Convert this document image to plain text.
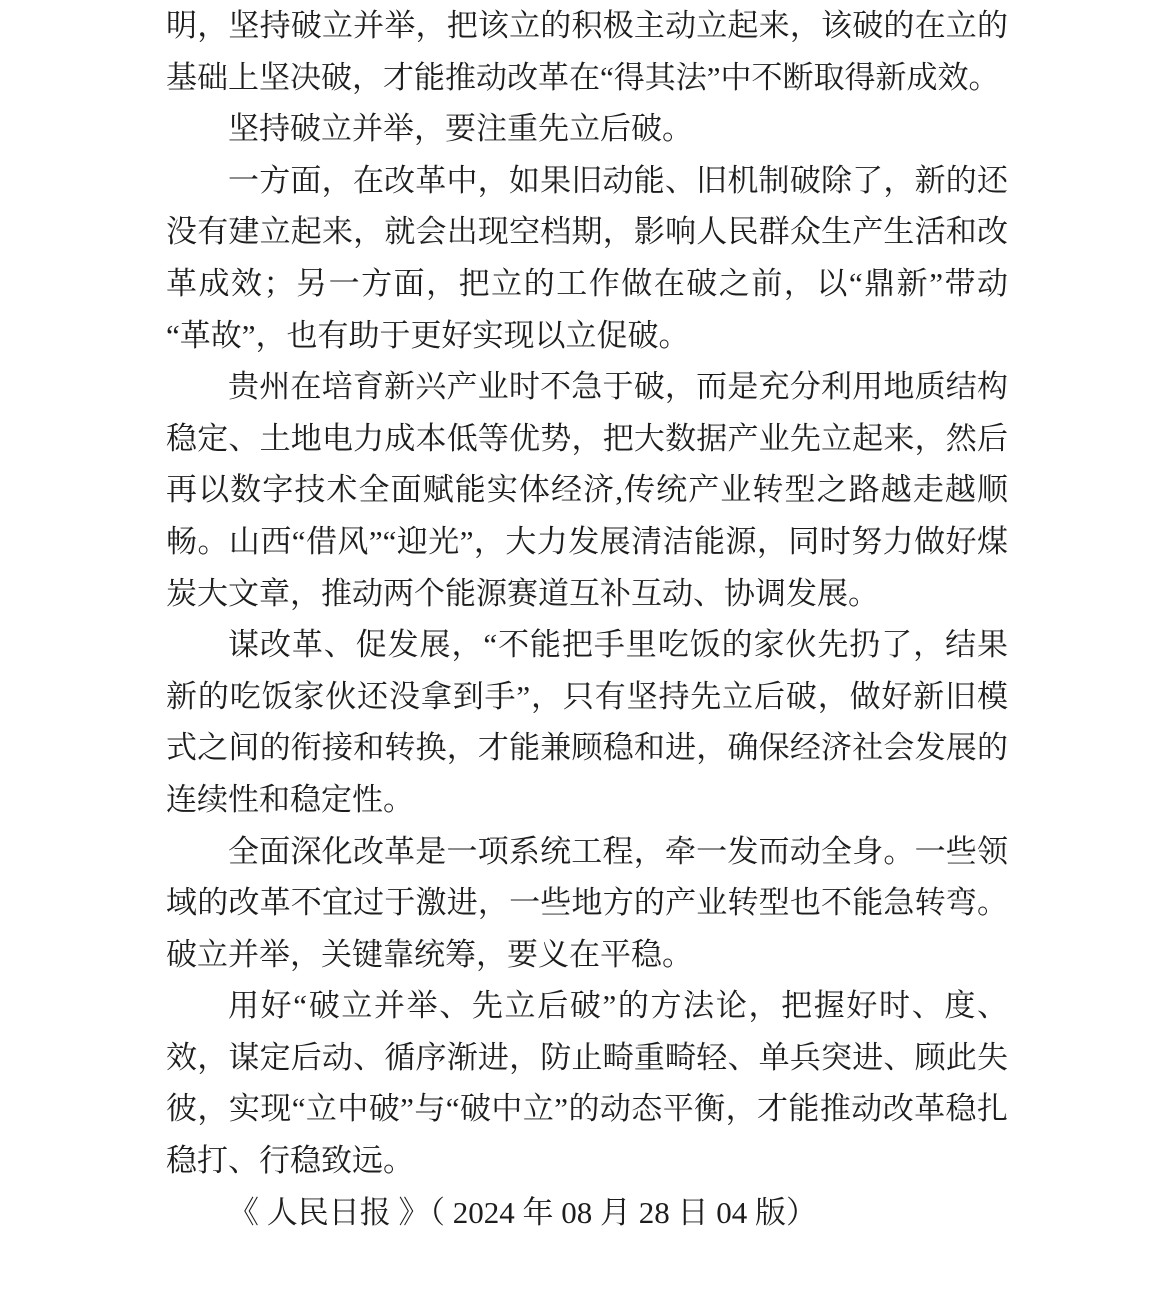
明，坚持破立并举，把该立的积极主动立起来，该破的在立的基础上坚决破，才能推动改革在“得其法”中不断取得新成效。

坚持破立并举，要注重先立后破。

一方面，在改革中，如果旧动能、旧机制破除了，新的还没有建立起来，就会出现空档期，影响人民群众生产生活和改革成效；另一方面，把立的工作做在破之前，以“鼎新”带动“革故”，也有助于更好实现以立促破。

贵州在培育新兴产业时不急于破，而是充分利用地质结构稳定、土地电力成本低等优势，把大数据产业先立起来，然后再以数字技术全面赋能实体经济,传统产业转型之路越走越顺畅。山西“借风”“迎光”，大力发展清洁能源，同时努力做好煤炭大文章，推动两个能源赛道互补互动、协调发展。

谋改革、促发展，“不能把手里吃饭的家伙先扔了，结果新的吃饭家伙还没拿到手”，只有坚持先立后破，做好新旧模式之间的衔接和转换，才能兼顾稳和进，确保经济社会发展的连续性和稳定性。

全面深化改革是一项系统工程，牵一发而动全身。一些领域的改革不宜过于激进，一些地方的产业转型也不能急转弯。破立并举，关键靠统筹，要义在平稳。

用好“破立并举、先立后破”的方法论，把握好时、度、效，谋定后动、循序渐进，防止畸重畸轻、单兵突进、顾此失彼，实现“立中破”与“破中立”的动态平衡，才能推动改革稳扎稳打、行稳致远。

《 人民日报 》（ 2024 年 08 月 28 日 04 版）
